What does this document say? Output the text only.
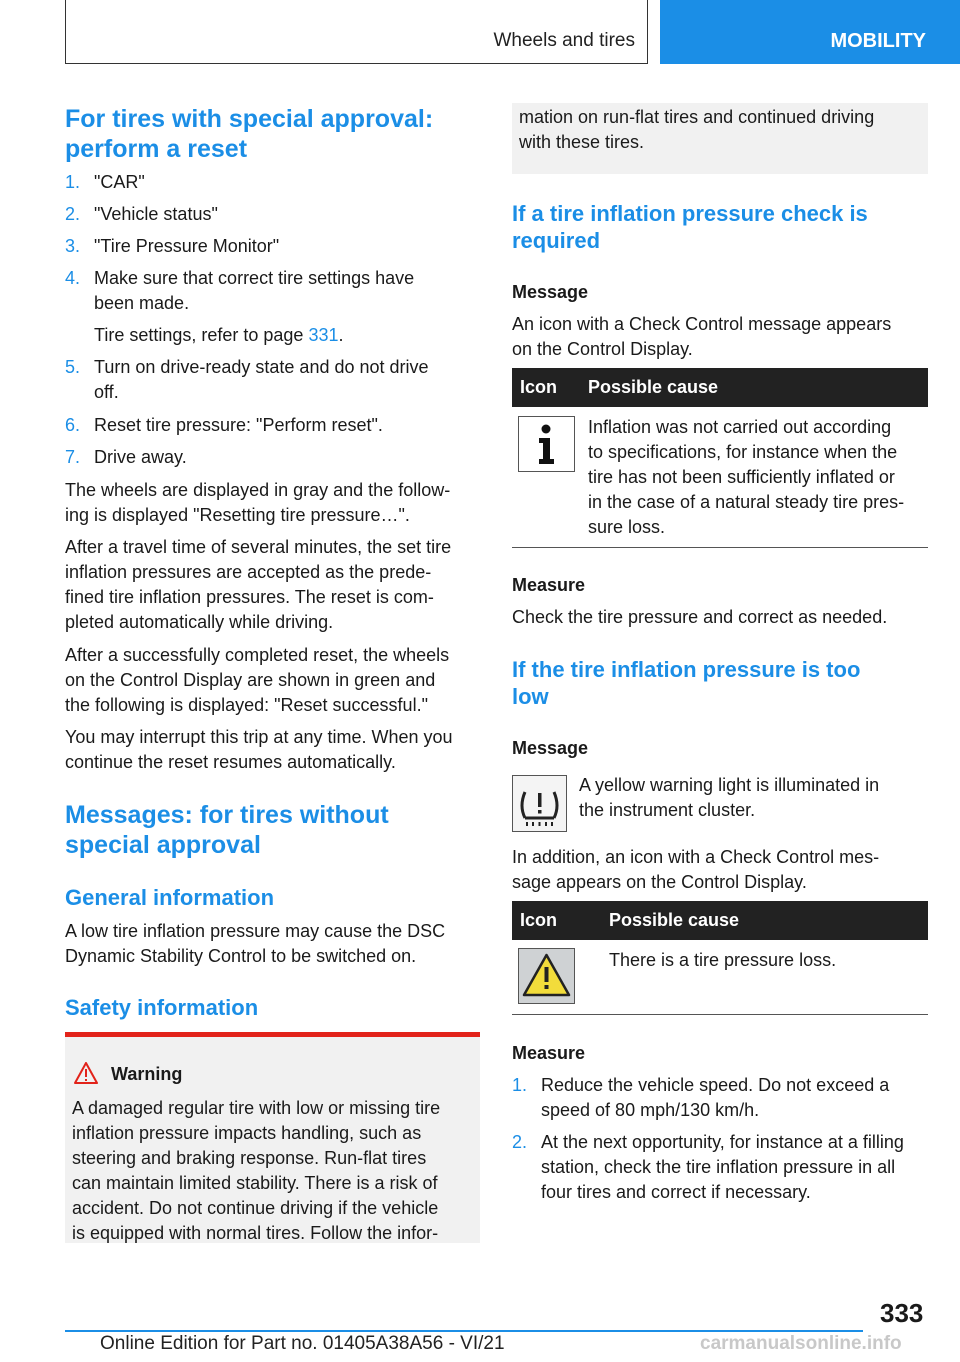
Wheels and tires	MOBILITY
For tires with special approval:
perform a reset
1. "CAR"
2. "Vehicle status"
3. "Tire Pressure Monitor"
4. Make sure that correct tire settings have
been made.
Tire settings, refer to page 331.
5. Turn on drive-ready state and do not drive
off.
6. Reset tire pressure: "Perform reset".
7. Drive away.
The wheels are displayed in gray and the follow-
ing is displayed "Resetting tire pressure…".
After a travel time of several minutes, the set tire
inflation pressures are accepted as the prede-
fined tire inflation pressures. The reset is com-
pleted automatically while driving.
After a successfully completed reset, the wheels
on the Control Display are shown in green and
the following is displayed: "Reset successful."
You may interrupt this trip at any time. When you
continue the reset resumes automatically.
Messages: for tires without
special approval
General information
A low tire inflation pressure may cause the DSC
Dynamic Stability Control to be switched on.
Safety information
Warning
A damaged regular tire with low or missing tire
inflation pressure impacts handling, such as
steering and braking response. Run-flat tires
can maintain limited stability. There is a risk of
accident. Do not continue driving if the vehicle
is equipped with normal tires. Follow the infor-
mation on run-flat tires and continued driving
with these tires.
If a tire inflation pressure check is
required
Message
An icon with a Check Control message appears
on the Control Display.
Icon Possible cause
Inflation was not carried out according
to specifications, for instance when the
tire has not been sufficiently inflated or
in the case of a natural steady tire pres-
sure loss.
Measure
Check the tire pressure and correct as needed.
If the tire inflation pressure is too
low
Message
A yellow warning light is illuminated in
the instrument cluster.
In addition, an icon with a Check Control mes-
sage appears on the Control Display.
Icon	Possible cause
There is a tire pressure loss.
Measure
1. Reduce the vehicle speed. Do not exceed a
speed of 80 mph/130 km/h.
2. At the next opportunity, for instance at a filling
station, check the tire inflation pressure in all
four tires and correct if necessary.
333
Online Edition for Part no. 01405A38A56 - VI/21	carmanualsonline.info
